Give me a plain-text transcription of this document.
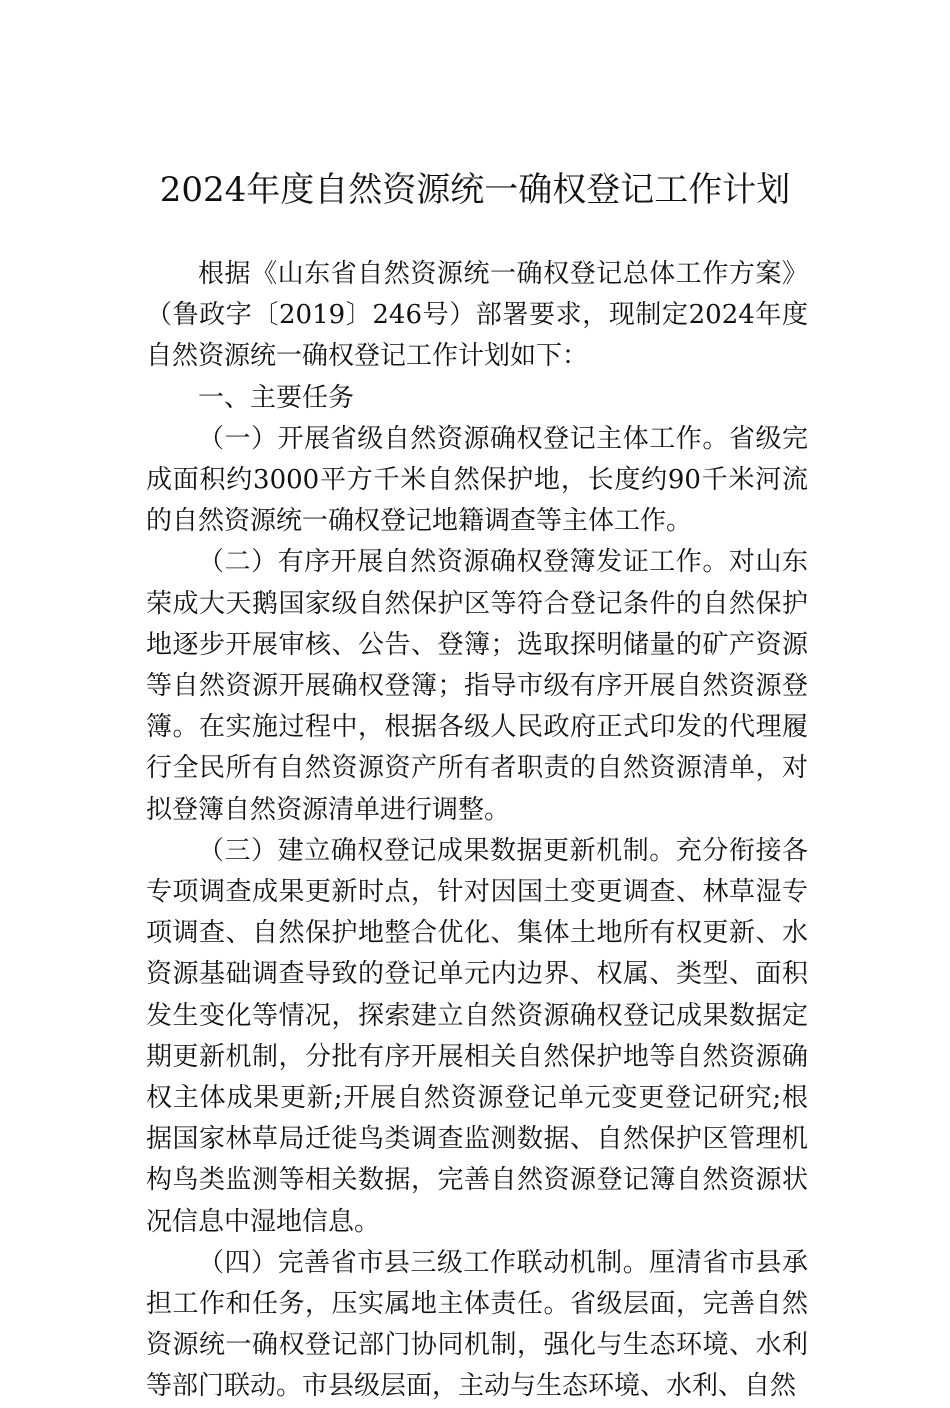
2024年度自然资源统一确权登记工作计划

根据《山东省自然资源统一确权登记总体工作方案》（鲁政字〔2019〕246号）部署要求，现制定2024年度自然资源统一确权登记工作计划如下：

一、主要任务

（一）开展省级自然资源确权登记主体工作。省级完成面积约3000平方千米自然保护地，长度约90千米河流的自然资源统一确权登记地籍调查等主体工作。

（二）有序开展自然资源确权登簿发证工作。对山东荣成大天鹅国家级自然保护区等符合登记条件的自然保护地逐步开展审核、公告、登簿；选取探明储量的矿产资源等自然资源开展确权登簿；指导市级有序开展自然资源登簿。在实施过程中，根据各级人民政府正式印发的代理履行全民所有自然资源资产所有者职责的自然资源清单，对拟登簿自然资源清单进行调整。

（三）建立确权登记成果数据更新机制。充分衔接各专项调查成果更新时点，针对因国土变更调查、林草湿专项调查、自然保护地整合优化、集体土地所有权更新、水资源基础调查导致的登记单元内边界、权属、类型、面积发生变化等情况，探索建立自然资源确权登记成果数据定期更新机制，分批有序开展相关自然保护地等自然资源确权主体成果更新;开展自然资源登记单元变更登记研究;根据国家林草局迁徙鸟类调查监测数据、自然保护区管理机构鸟类监测等相关数据，完善自然资源登记簿自然资源状况信息中湿地信息。

（四）完善省市县三级工作联动机制。厘清省市县承担工作和任务，压实属地主体责任。省级层面，完善自然资源统一确权登记部门协同机制，强化与生态环境、水利等部门联动。市县级层面，主动与生态环境、水利、自然
